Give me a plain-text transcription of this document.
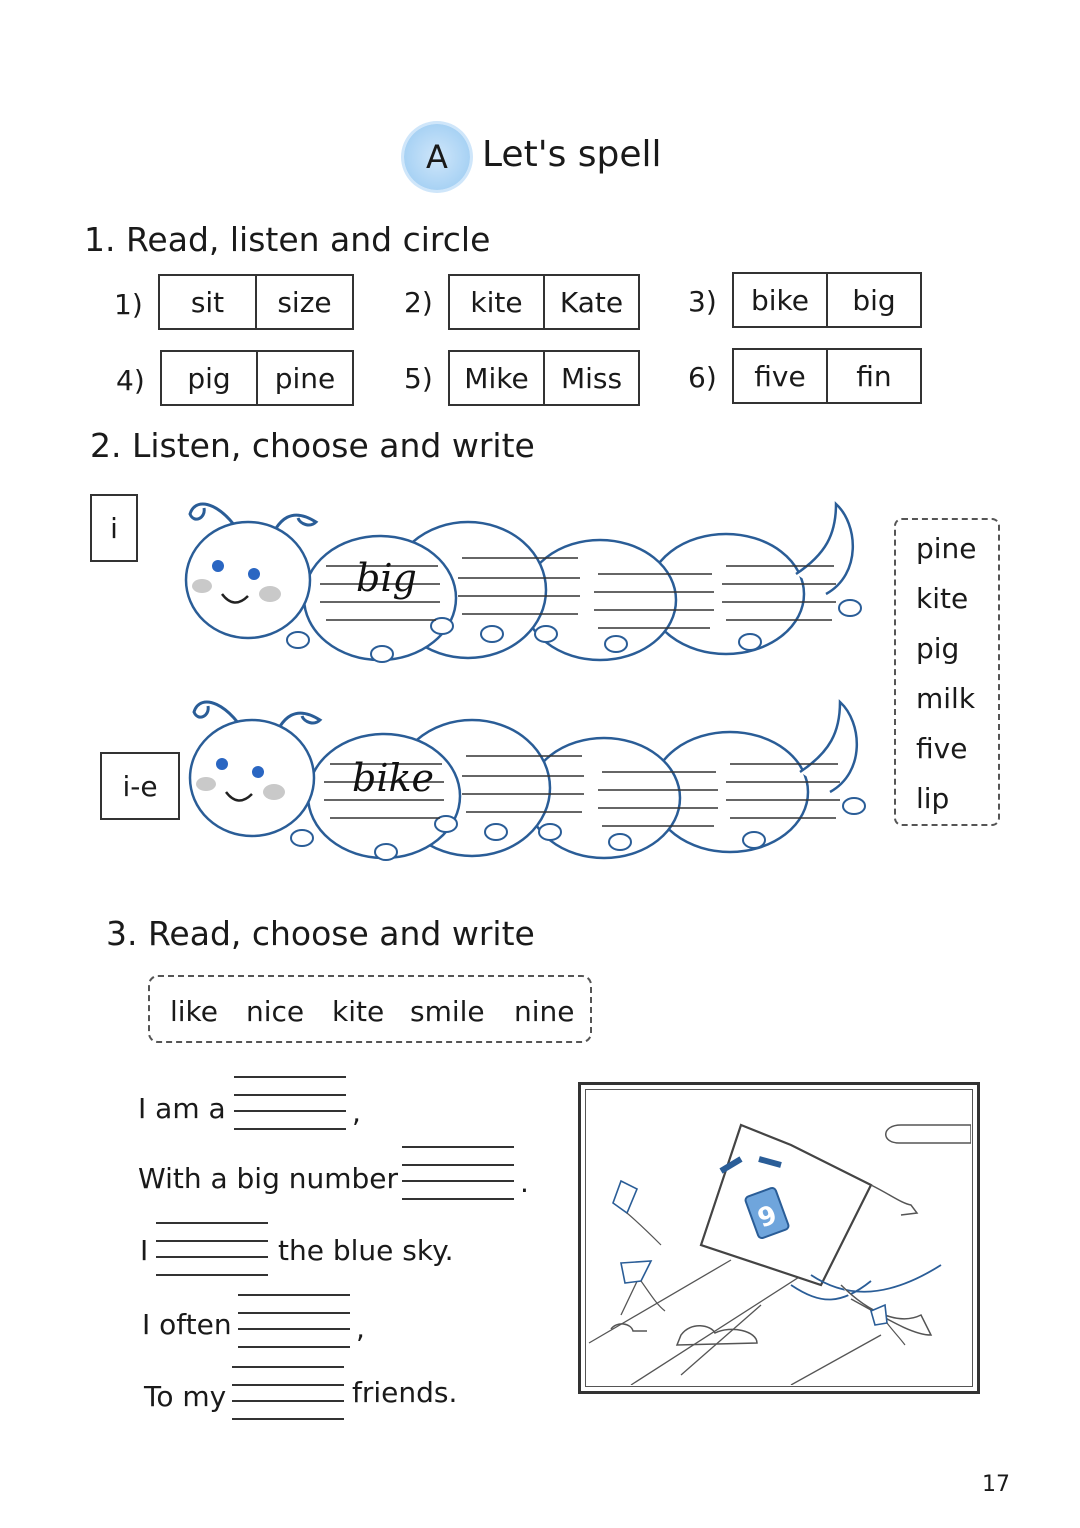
A Let's spell
1. Read, listen and circle
1)	sit	size	2)	kite	Kate	3)	bike	big
4)	pig	pine	5)	Mike	Miss	6)	five	fin
2. Listen, choose and write
i
i-e
big
bike
pine
kite
pig
milk
five
lip
3. Read, choose and write
like nice kite smile nine
I am a	,
With a big number	.
I	the blue sky.
I often	,
To my	friends.
9
17
